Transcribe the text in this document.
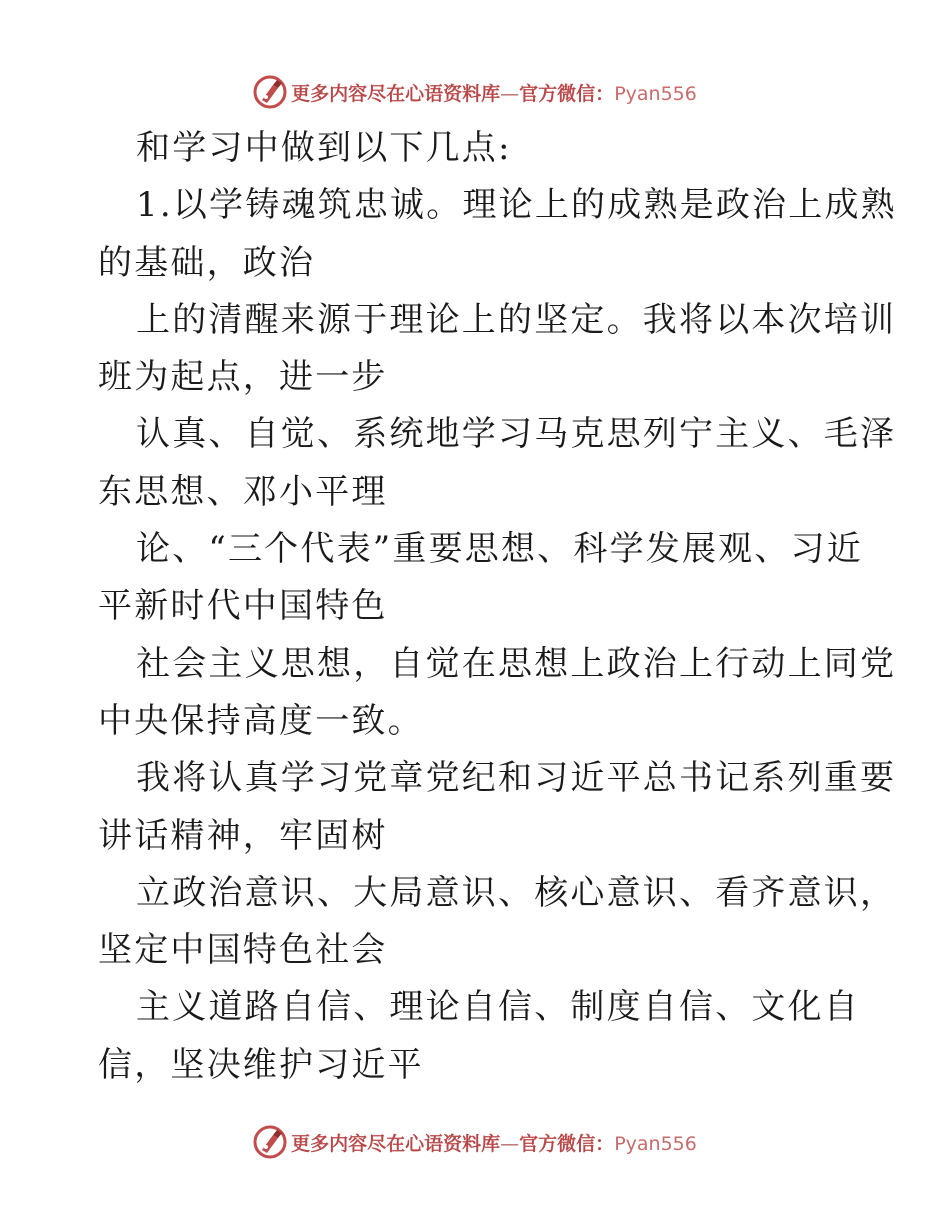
更多内容尽在心语资料库—官方微信：Pyan556
和学习中做到以下几点:
1.以学铸魂筑忠诚。理论上的成熟是政治上成熟
的基础，政治
上的清醒来源于理论上的坚定。我将以本次培训
班为起点，进一步
认真、自觉、系统地学习马克思列宁主义、毛泽
东思想、邓小平理
论、“三个代表”重要思想、科学发展观、习近
平新时代中国特色
社会主义思想，自觉在思想上政治上行动上同党
中央保持高度一致。
我将认真学习党章党纪和习近平总书记系列重要
讲话精神，牢固树
立政治意识、大局意识、核心意识、看齐意识，
坚定中国特色社会
主义道路自信、理论自信、制度自信、文化自
信，坚决维护习近平
更多内容尽在心语资料库—官方微信：Pyan556
